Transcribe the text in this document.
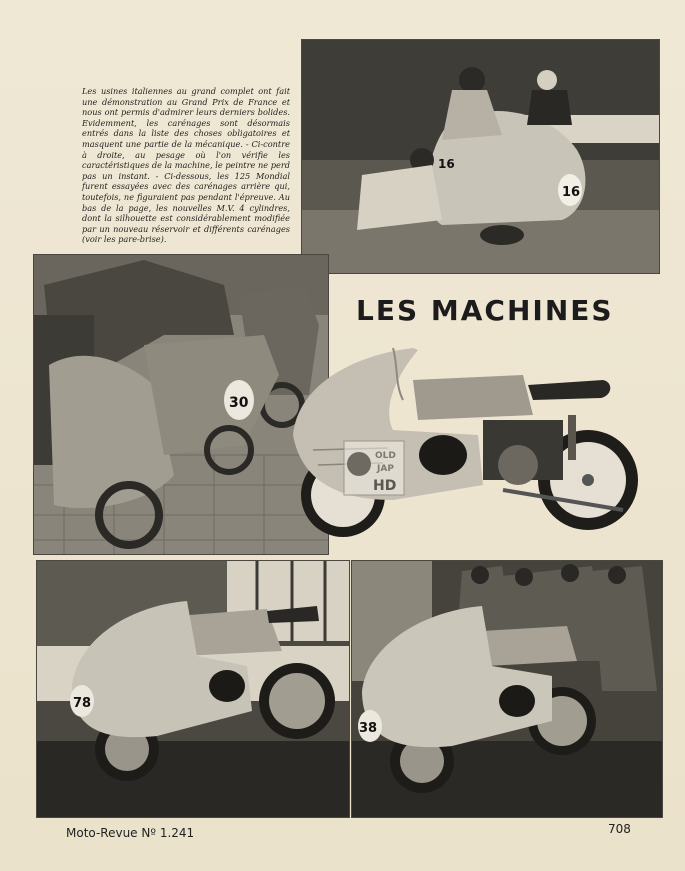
Les usines italiennes au grand complet ont fait une démonstration au Grand Prix de France et nous ont permis d'admirer leurs derniers bolides. Evidemment, les carénages sont désormais entrés dans la liste des choses obligatoires et masquent une partie de la mécanique. - Ci-contre à droite, au pesage où l'on vérifie les caractéristiques de la machine, le peintre ne perd pas un instant. - Ci-dessous, les 125 Mondial furent essayées avec des carénages arrière qui, toutefois, ne figuraient pas pendant l'épreuve. Au bas de la page, les nouvelles M.V. 4 cylindres, dont la silhouette est considérablement modifiée par un nouveau réservoir et différents carénages (voir les pare-brise).

16
16
LES MACHINES
30
OLD
JAP
HD
78
38

Moto-Revue Nº 1.241	708
